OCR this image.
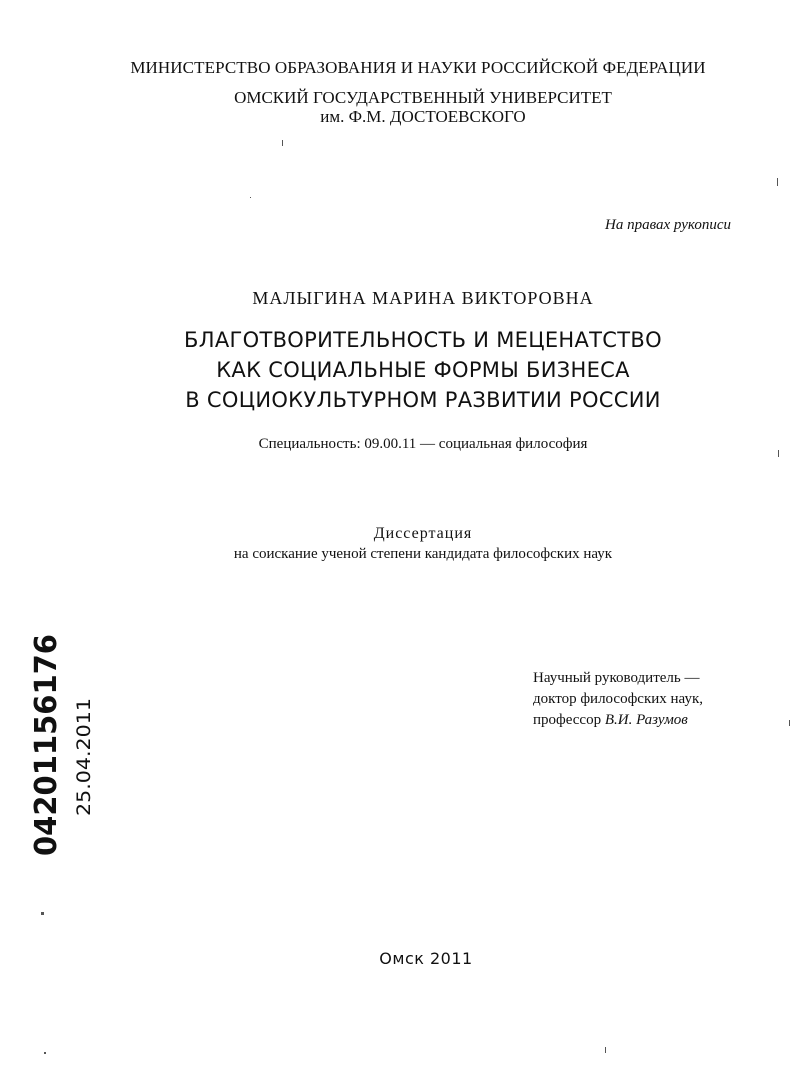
МИНИСТЕРСТВО ОБРАЗОВАНИЯ И НАУКИ РОССИЙСКОЙ ФЕДЕРАЦИИ
ОМСКИЙ ГОСУДАРСТВЕННЫЙ УНИВЕРСИТЕТ
им. Ф.М. ДОСТОЕВСКОГО
На правах рукописи
МАЛЫГИНА МАРИНА ВИКТОРОВНА
БЛАГОТВОРИТЕЛЬНОСТЬ И МЕЦЕНАТСТВО
КАК СОЦИАЛЬНЫЕ ФОРМЫ БИЗНЕСА
В СОЦИОКУЛЬТУРНОМ РАЗВИТИИ РОССИИ
Специальность: 09.00.11 — социальная философия
Диссертация
на соискание ученой степени кандидата философских наук
Научный руководитель —
доктор философских наук,
профессор В.И. Разумов
04201156176 25.04.2011
Омск 2011
